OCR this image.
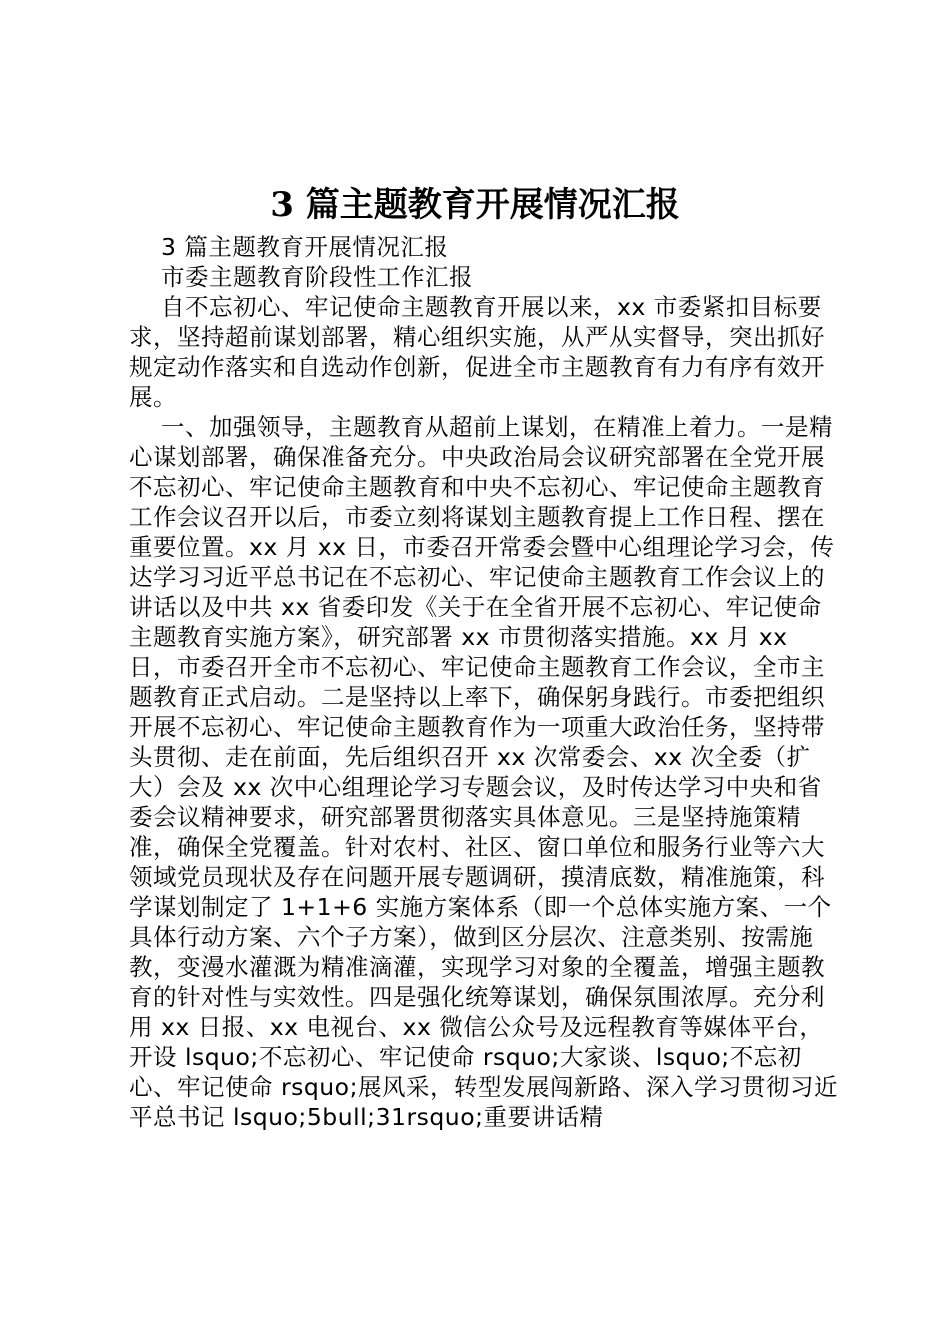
3 篇主题教育开展情况汇报

3 篇主题教育开展情况汇报

市委主题教育阶段性工作汇报

自不忘初心、牢记使命主题教育开展以来，xx 市委紧扣目标要求，坚持超前谋划部署，精心组织实施，从严从实督导，突出抓好规定动作落实和自选动作创新，促进全市主题教育有力有序有效开展。

一、加强领导，主题教育从超前上谋划，在精准上着力。一是精心谋划部署，确保准备充分。中央政治局会议研究部署在全党开展不忘初心、牢记使命主题教育和中央不忘初心、牢记使命主题教育工作会议召开以后，市委立刻将谋划主题教育提上工作日程、摆在重要位置。xx 月 xx 日，市委召开常委会暨中心组理论学习会，传达学习习近平总书记在不忘初心、牢记使命主题教育工作会议上的讲话以及中共 xx 省委印发《关于在全省开展不忘初心、牢记使命主题教育实施方案》，研究部署 xx 市贯彻落实措施。xx 月 xx 日，市委召开全市不忘初心、牢记使命主题教育工作会议，全市主题教育正式启动。二是坚持以上率下，确保躬身践行。市委把组织开展不忘初心、牢记使命主题教育作为一项重大政治任务，坚持带头贯彻、走在前面，先后组织召开 xx 次常委会、xx 次全委（扩大）会及 xx 次中心组理论学习专题会议，及时传达学习中央和省委会议精神要求，研究部署贯彻落实具体意见。三是坚持施策精准，确保全党覆盖。针对农村、社区、窗口单位和服务行业等六大领域党员现状及存在问题开展专题调研，摸清底数，精准施策，科学谋划制定了 1+1+6 实施方案体系（即一个总体实施方案、一个具体行动方案、六个子方案），做到区分层次、注意类别、按需施教，变漫水灌溉为精准滴灌，实现学习对象的全覆盖，增强主题教育的针对性与实效性。四是强化统筹谋划，确保氛围浓厚。充分利用 xx 日报、xx 电视台、xx 微信公众号及远程教育等媒体平台，开设 lsquo;不忘初心、牢记使命 rsquo;大家谈、lsquo;不忘初心、牢记使命 rsquo;展风采，转型发展闯新路、深入学习贯彻习近平总书记 lsquo;5bull;31rsquo;重要讲话精
